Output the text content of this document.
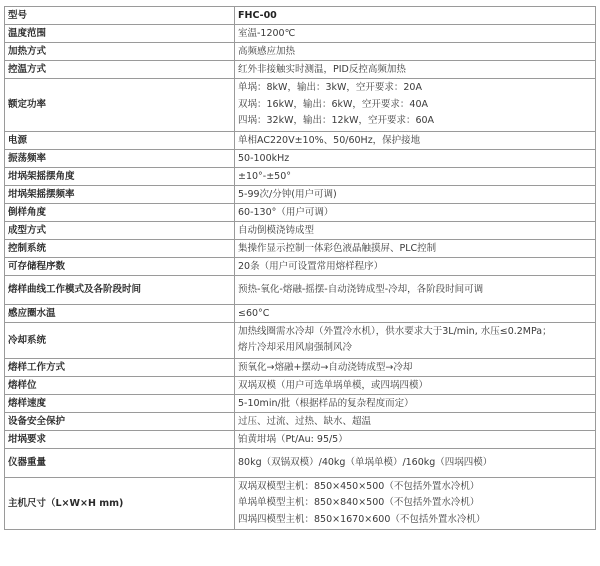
型号	FHC-00
温度范围	室温-1200℃
加热方式	高频感应加热
控温方式	红外非接触实时测温，PID反控高频加热
额定功率	单埚：8kW，输出：3kW，空开要求：20A
双埚：16kW，输出：6kW，空开要求：40A
四埚：32kW，输出：12kW，空开要求：60A

电源	单相AC220V±10%、50/60Hz，保护接地
振荡频率	50-100kHz
坩埚架摇摆角度	±10°-±50°
坩埚架摇摆频率	5-99次/分钟(用户可调)
倒样角度	60-130°（用户可调）
成型方式	自动倒模浇铸成型
控制系统	集操作显示控制一体彩色液晶触摸屏、PLC控制
可存储程序数	20条（用户可设置常用熔样程序）
熔样曲线工作模式及各阶段时间	预热-氧化-熔融-摇摆-自动浇铸成型-冷却，各阶段时间可调
感应圈水温	≤60°C
冷却系统	加热线圈需水冷却（外置冷水机），供水要求大于3L/min, 水压≤0.2MPa；
熔片冷却采用风扇强制风冷

熔样工作方式	预氧化→熔融+摆动→自动浇铸成型→冷却
熔样位	双埚双模（用户可选单埚单模，或四埚四模）
熔样速度	5-10min/批（根据样品的复杂程度而定）
设备安全保护	过压、过流、过热、缺水、超温
坩埚要求	铂黄坩埚（Pt/Au: 95/5）
仪器重量	80kg（双锅双模）/40kg（单埚单模）/160kg（四埚四模）
主机尺寸（L×W×H mm)	双埚双模型主机：850×450×500（不包括外置水冷机）
单埚单模型主机：850×840×500（不包括外置水冷机）
四埚四模型主机：850×1670×600（不包括外置水冷机）
